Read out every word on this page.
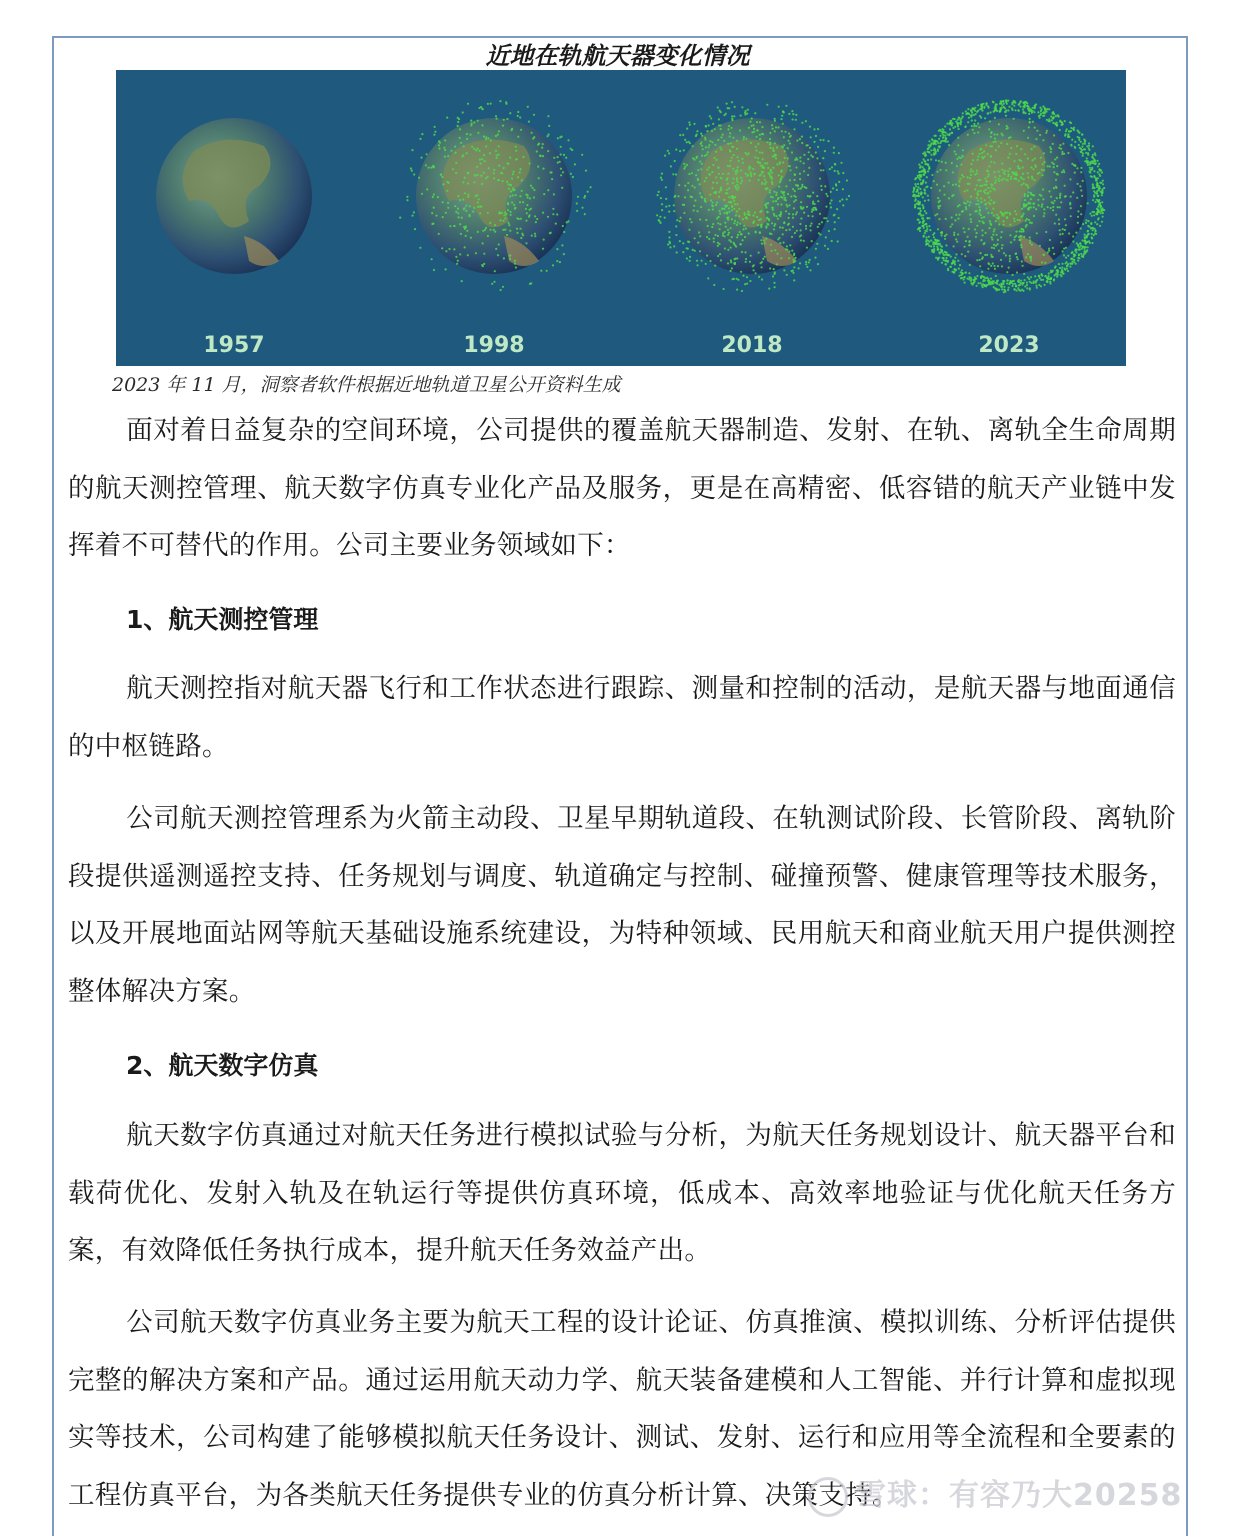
近地在轨航天器变化情况
1957	1998	2018	2023
2023 年 11 月，洞察者软件根据近地轨道卫星公开资料生成
面对着日益复杂的空间环境，公司提供的覆盖航天器制造、发射、在轨、离轨全生命周期的航天测控管理、航天数字仿真专业化产品及服务，更是在高精密、低容错的航天产业链中发挥着不可替代的作用。公司主要业务领域如下：
1、航天测控管理
航天测控指对航天器飞行和工作状态进行跟踪、测量和控制的活动，是航天器与地面通信的中枢链路。
公司航天测控管理系为火箭主动段、卫星早期轨道段、在轨测试阶段、长管阶段、离轨阶段提供遥测遥控支持、任务规划与调度、轨道确定与控制、碰撞预警、健康管理等技术服务，以及开展地面站网等航天基础设施系统建设，为特种领域、民用航天和商业航天用户提供测控整体解决方案。
2、航天数字仿真
航天数字仿真通过对航天任务进行模拟试验与分析，为航天任务规划设计、航天器平台和载荷优化、发射入轨及在轨运行等提供仿真环境，低成本、高效率地验证与优化航天任务方案，有效降低任务执行成本，提升航天任务效益产出。
公司航天数字仿真业务主要为航天工程的设计论证、仿真推演、模拟训练、分析评估提供完整的解决方案和产品。通过运用航天动力学、航天装备建模和人工智能、并行计算和虚拟现实等技术，公司构建了能够模拟航天任务设计、测试、发射、运行和应用等全流程和全要素的工程仿真平台，为各类航天任务提供专业的仿真分析计算、决策支持。
雪球：有容乃大20258
